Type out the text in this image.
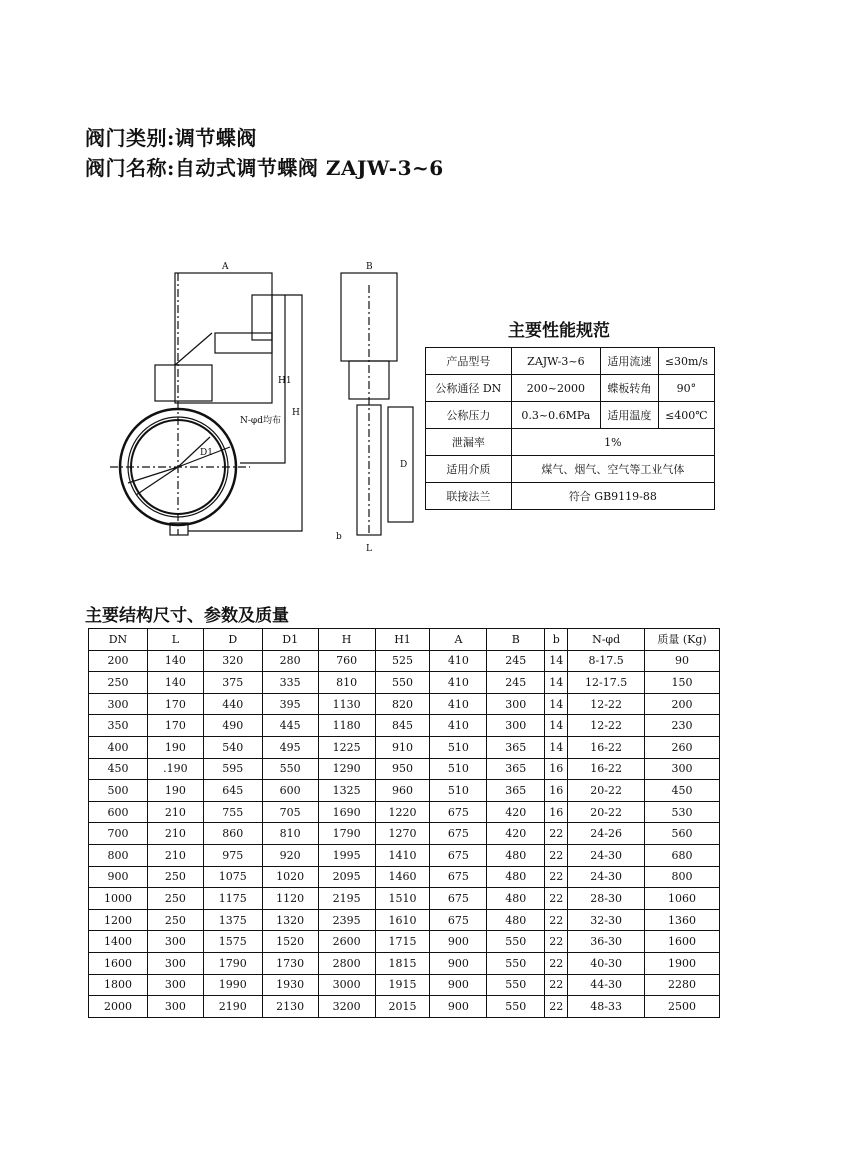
阀门类别:调节蝶阀
阀门名称:自动式调节蝶阀 ZAJW-3~6
A
H1
H
N-φd均布
D1
B
D
b
L
主要性能规范
产品型号	ZAJW-3~6	适用流速	≤30m/s
公称通径 DN	200~2000	蝶板转角	90°
公称压力	0.3~0.6MPa	适用温度	≤400℃
泄漏率	1%		
适用介质	煤气、烟气、空气等工业气体		
联接法兰	符合 GB9119-88		
主要结构尺寸、参数及质量
DN	L	D	D1	H	H1	A	B	b	N-φd	质量 (Kg)
200	140	320	280	760	525	410	245	14	8-17.5	90
250	140	375	335	810	550	410	245	14	12-17.5	150
300	170	440	395	1130	820	410	300	14	12-22	200
350	170	490	445	1180	845	410	300	14	12-22	230
400	190	540	495	1225	910	510	365	14	16-22	260
450	.190	595	550	1290	950	510	365	16	16-22	300
500	190	645	600	1325	960	510	365	16	20-22	450
600	210	755	705	1690	1220	675	420	16	20-22	530
700	210	860	810	1790	1270	675	420	22	24-26	560
800	210	975	920	1995	1410	675	480	22	24-30	680
900	250	1075	1020	2095	1460	675	480	22	24-30	800
1000	250	1175	1120	2195	1510	675	480	22	28-30	1060
1200	250	1375	1320	2395	1610	675	480	22	32-30	1360
1400	300	1575	1520	2600	1715	900	550	22	36-30	1600
1600	300	1790	1730	2800	1815	900	550	22	40-30	1900
1800	300	1990	1930	3000	1915	900	550	22	44-30	2280
2000	300	2190	2130	3200	2015	900	550	22	48-33	2500
